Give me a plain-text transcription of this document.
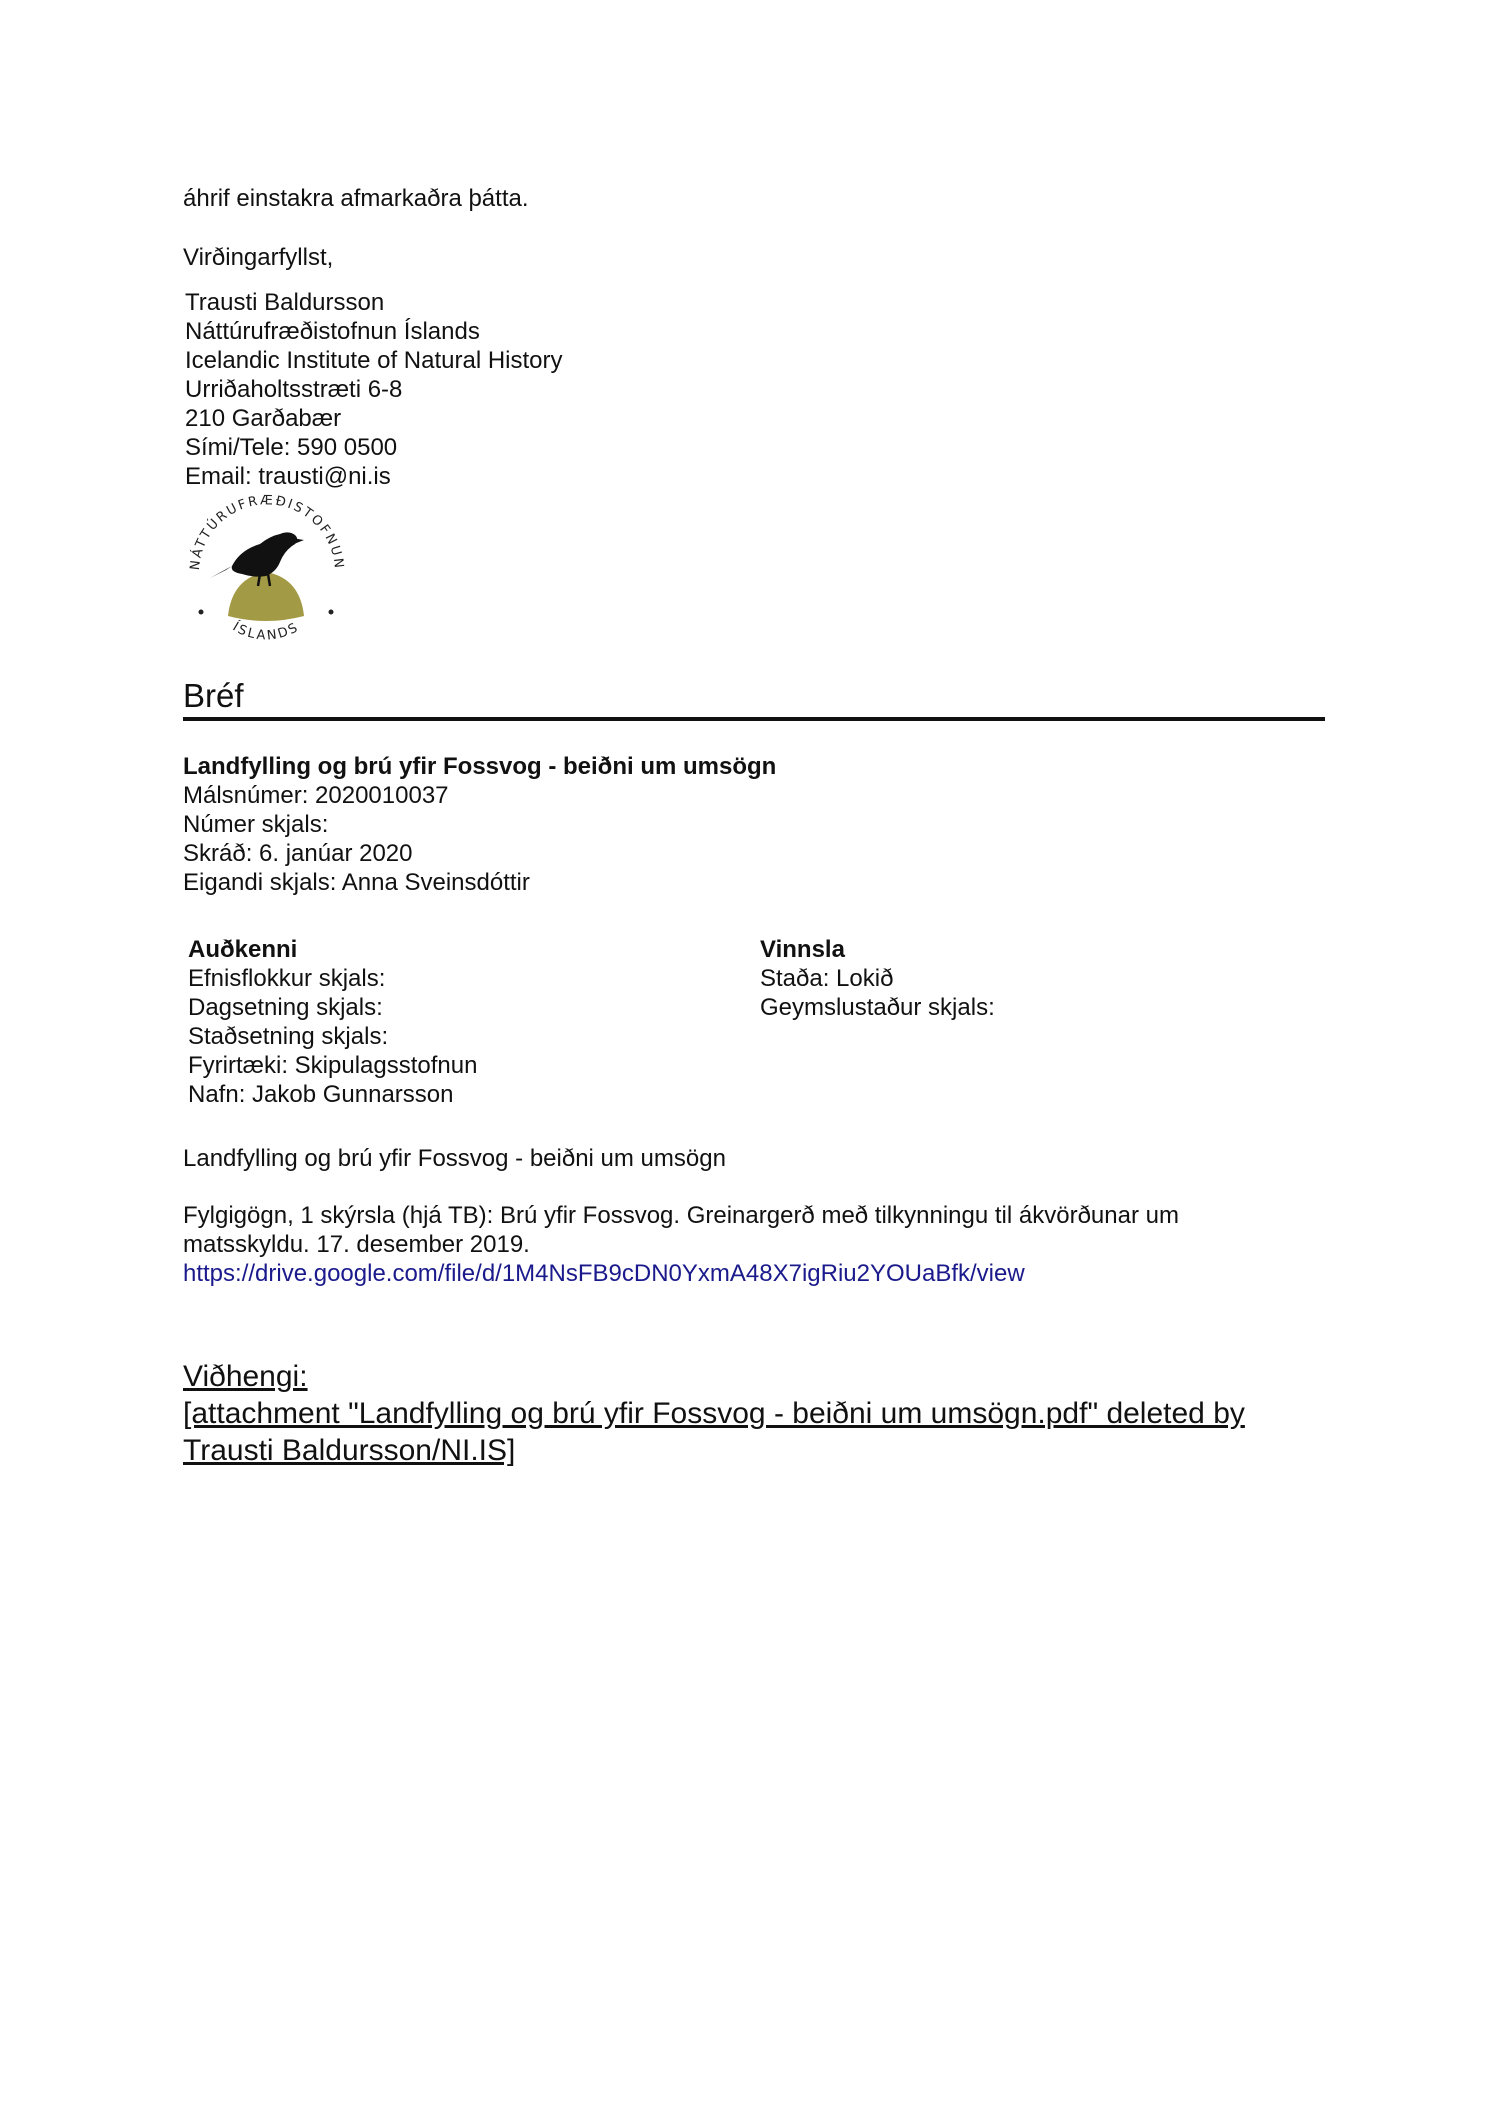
áhrif einstakra afmarkaðra þátta.
Virðingarfyllst,
Trausti Baldursson
Náttúrufræðistofnun Íslands
Icelandic Institute of Natural History
Urriðaholtsstræti 6-8
210 Garðabær
Sími/Tele: 590 0500
Email: trausti@ni.is
NÁTTÚRUFRÆÐISTOFNUN
ÍSLANDS
Bréf
Landfylling og brú yfir Fossvog - beiðni um umsögn
Málsnúmer: 2020010037
Númer skjals:
Skráð: 6. janúar 2020
Eigandi skjals: Anna Sveinsdóttir
Auðkenni
Efnisflokkur skjals:
Dagsetning skjals:
Staðsetning skjals:
Fyrirtæki: Skipulagsstofnun
Nafn: Jakob Gunnarsson
Vinnsla
Staða: Lokið
Geymslustaður skjals:
Landfylling og brú yfir Fossvog - beiðni um umsögn
Fylgigögn, 1 skýrsla (hjá TB): Brú yfir Fossvog. Greinargerð með tilkynningu til ákvörðunar um
matsskyldu. 17. desember 2019.
https://drive.google.com/file/d/1M4NsFB9cDN0YxmA48X7igRiu2YOUaBfk/view
Viðhengi:
[attachment "Landfylling og brú yfir Fossvog - beiðni um umsögn.pdf" deleted by
Trausti Baldursson/NI.IS]
